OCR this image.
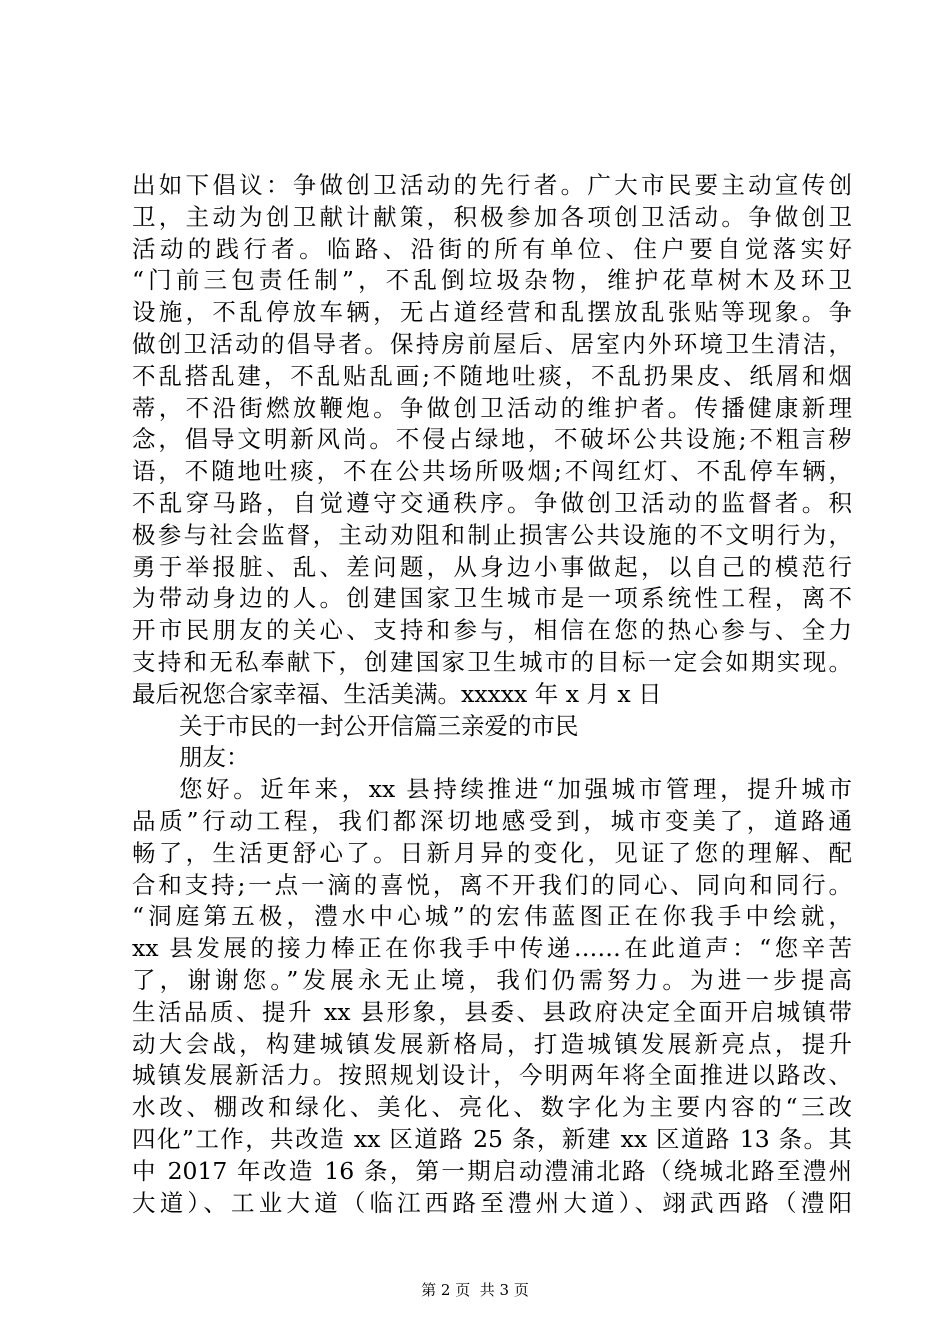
出如下倡议：争做创卫活动的先行者。广大市民要主动宣传创
卫，主动为创卫献计献策，积极参加各项创卫活动。争做创卫
活动的践行者。临路、沿街的所有单位、住户要自觉落实好
“门前三包责任制”，不乱倒垃圾杂物，维护花草树木及环卫
设施，不乱停放车辆，无占道经营和乱摆放乱张贴等现象。争
做创卫活动的倡导者。保持房前屋后、居室内外环境卫生清洁，
不乱搭乱建，不乱贴乱画;不随地吐痰，不乱扔果皮、纸屑和烟
蒂，不沿街燃放鞭炮。争做创卫活动的维护者。传播健康新理
念，倡导文明新风尚。不侵占绿地，不破坏公共设施;不粗言秽
语，不随地吐痰，不在公共场所吸烟;不闯红灯、不乱停车辆，
不乱穿马路，自觉遵守交通秩序。争做创卫活动的监督者。积
极参与社会监督，主动劝阻和制止损害公共设施的不文明行为，
勇于举报脏、乱、差问题，从身边小事做起，以自己的模范行
为带动身边的人。创建国家卫生城市是一项系统性工程，离不
开市民朋友的关心、支持和参与，相信在您的热心参与、全力
支持和无私奉献下，创建国家卫生城市的目标一定会如期实现。
最后祝您合家幸福、生活美满。xxxxx 年 x 月 x 日
关于市民的一封公开信篇三亲爱的市民
朋友：
您好。近年来，xx 县持续推进“加强城市管理，提升城市
品质”行动工程，我们都深切地感受到，城市变美了，道路通
畅了，生活更舒心了。日新月异的变化，见证了您的理解、配
合和支持;一点一滴的喜悦，离不开我们的同心、同向和同行。
“洞庭第五极，澧水中心城”的宏伟蓝图正在你我手中绘就，
xx 县发展的接力棒正在你我手中传递……在此道声：“您辛苦
了，谢谢您。”发展永无止境，我们仍需努力。为进一步提高
生活品质、提升 xx 县形象，县委、县政府决定全面开启城镇带
动大会战，构建城镇发展新格局，打造城镇发展新亮点，提升
城镇发展新活力。按照规划设计，今明两年将全面推进以路改、
水改、棚改和绿化、美化、亮化、数字化为主要内容的“三改
四化”工作，共改造 xx 区道路 25 条，新建 xx 区道路 13 条。其
中 2017 年改造 16 条，第一期启动澧浦北路（绕城北路至澧州
大道）、工业大道（临江西路至澧州大道）、翊武西路（澧阳
第 2 页  共 3 页
